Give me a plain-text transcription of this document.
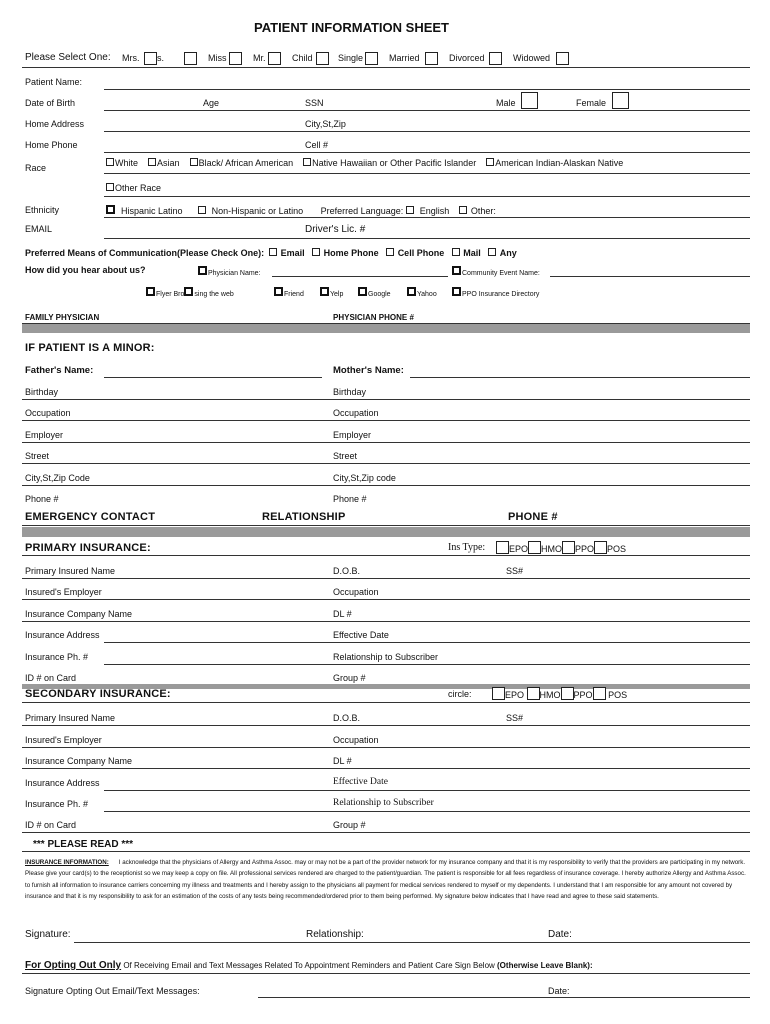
PATIENT INFORMATION SHEET
Please Select One: Mrs. s.	Miss	Mr.	Child	Single	Married	Divorced	Widowed
Patient Name:
Date of Birth	Age	SSN	Male	Female
Home Address	City,St,Zip
Home Phone	Cell #
Race	White Asian Black/ African American Native Hawaiian or Other Pacific Islander American Indian-Alaskan Native
Other Race
Ethnicity	Hispanic Latino	Non-Hispanic or Latino Preferred Language: English Other:
EMAIL	Driver's Lic. #
Preferred Means of Communication(Please Check One): Email Home Phone Cell Phone Mail Any
How did you hear about us?	Physician Name:	Community Event Name:
Flyer Bro sing the web	Friend	Yelp	Google	Yahoo	PPO Insurance Directory
FAMILY PHYSICIAN	PHYSICIAN PHONE #
IF PATIENT IS A MINOR:
Father's Name:	Mother's Name:
Birthday	Birthday
Occupation	Occupation
Employer	Employer
Street	Street
City,St,Zip Code	City,St,Zip code
Phone #	Phone #
EMERGENCY CONTACT	RELATIONSHIP	PHONE #
PRIMARY INSURANCE:	Ins Type:	EPO HMO PPO POS
Primary Insured Name	D.O.B.	SS#
Insured's Employer	Occupation
Insurance Company Name	DL #
Insurance Address	Effective Date
Insurance Ph. #	Relationship to Subscriber
ID # on Card	Group #
SECONDARY INSURANCE:	circle:	EPO HMO PPO POS
Primary Insured Name	D.O.B.	SS#
Insured's Employer	Occupation
Insurance Company Name	DL #
Insurance Address	Effective Date
Insurance Ph. #	Relationship to Subscriber
ID # on Card	Group #
*** PLEASE READ ***
INSURANCE INFORMATION: I acknowledge that the physicians of Allergy and Asthma Assoc. may or may not be a part of the provider network for my insurance company and that it is my responsibility to verify that the providers are participating in my network. Please give your card(s) to the receptionist so we may keep a copy on file. All professional services rendered are charged to the patient/guardian. The patient is responsible for all fees regardless of insurance coverage. I hereby authorize Allergy and Asthma Assoc. to furnish all information to insurance carriers concerning my illness and treatments and I hereby assign to the physicians all payment for medical services rendered to myself or my dependents. I understand that I am responsible for any amount not covered by insurance and that it is my responsibility to ask for an estimation of the costs of any tests being recommended/ordered prior to them being performed. My signature below indicates that I have read and agree to these said statements.
Signature:	Relationship:	Date:
For Opting Out Only Of Receiving Email and Text Messages Related To Appointment Reminders and Patient Care Sign Below (Otherwise Leave Blank):
Signature Opting Out Email/Text Messages:	Date:
